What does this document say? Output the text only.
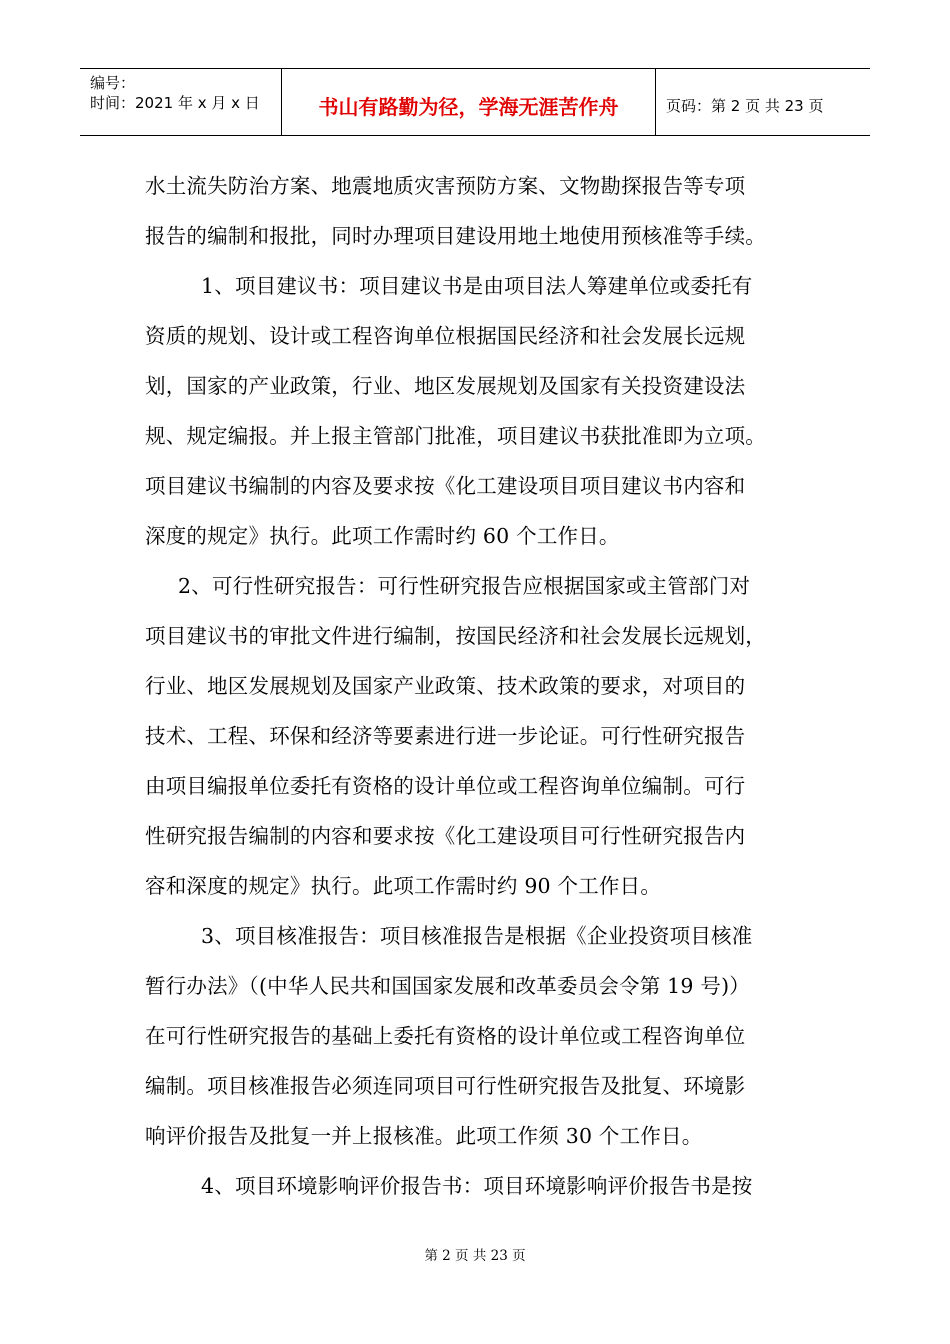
编号：
时间：2021 年 x 月 x 日	书山有路勤为径，学海无涯苦作舟	页码：第 2 页 共 23 页
水土流失防治方案、地震地质灾害预防方案、文物勘探报告等专项
报告的编制和报批，同时办理项目建设用地土地使用预核准等手续。
1、项目建议书：项目建议书是由项目法人筹建单位或委托有
资质的规划、设计或工程咨询单位根据国民经济和社会发展长远规
划，国家的产业政策，行业、地区发展规划及国家有关投资建设法
规、规定编报。并上报主管部门批准，项目建议书获批准即为立项。
项目建议书编制的内容及要求按《化工建设项目项目建议书内容和
深度的规定》执行。此项工作需时约 60 个工作日。
2、可行性研究报告：可行性研究报告应根据国家或主管部门对
项目建议书的审批文件进行编制，按国民经济和社会发展长远规划，
行业、地区发展规划及国家产业政策、技术政策的要求，对项目的
技术、工程、环保和经济等要素进行进一步论证。可行性研究报告
由项目编报单位委托有资格的设计单位或工程咨询单位编制。可行
性研究报告编制的内容和要求按《化工建设项目可行性研究报告内
容和深度的规定》执行。此项工作需时约 90 个工作日。
3、项目核准报告：项目核准报告是根据《企业投资项目核准
暂行办法》（(中华人民共和国国家发展和改革委员会令第 19 号)）
在可行性研究报告的基础上委托有资格的设计单位或工程咨询单位
编制。项目核准报告必须连同项目可行性研究报告及批复、环境影
响评价报告及批复一并上报核准。此项工作须 30 个工作日。
4、项目环境影响评价报告书：项目环境影响评价报告书是按
第 2 页 共 23 页
